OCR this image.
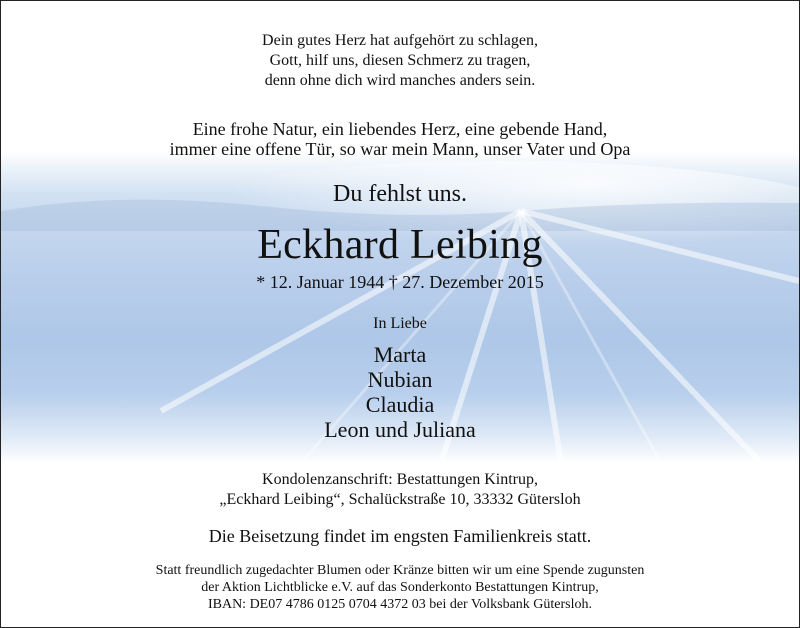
Dein gutes Herz hat aufgehört zu schlagen,
Gott, hilf uns, diesen Schmerz zu tragen,
denn ohne dich wird manches anders sein.
Eine frohe Natur, ein liebendes Herz, eine gebende Hand,
immer eine offene Tür, so war mein Mann, unser Vater und Opa
Du fehlst uns.
Eckhard Leibing
* 12. Januar 1944 † 27. Dezember 2015
In Liebe
Marta
Nubian
Claudia
Leon und Juliana
Kondolenzanschrift: Bestattungen Kintrup,
„Eckhard Leibing“, Schalückstraße 10, 33332 Gütersloh
Die Beisetzung findet im engsten Familienkreis statt.
Statt freundlich zugedachter Blumen oder Kränze bitten wir um eine Spende zugunsten
der Aktion Lichtblicke e.V. auf das Sonderkonto Bestattungen Kintrup,
IBAN: DE07 4786 0125 0704 4372 03 bei der Volksbank Gütersloh.
